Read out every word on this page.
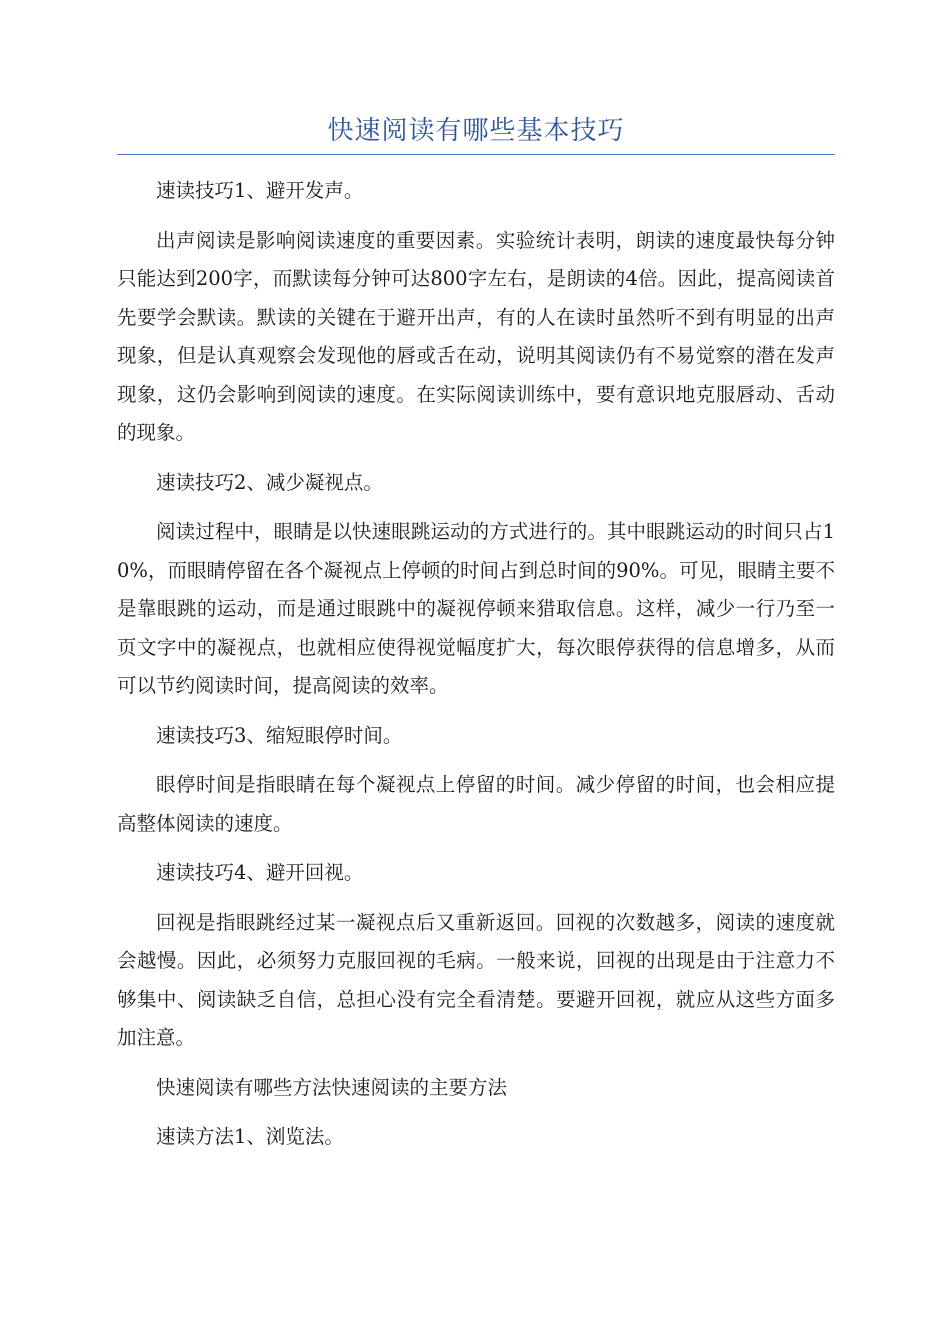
快速阅读有哪些基本技巧

速读技巧1、避开发声。

出声阅读是影响阅读速度的重要因素。实验统计表明，朗读的速度最快每分钟只能达到200字，而默读每分钟可达800字左右，是朗读的4倍。因此，提高阅读首先要学会默读。默读的关键在于避开出声，有的人在读时虽然听不到有明显的出声现象，但是认真观察会发现他的唇或舌在动，说明其阅读仍有不易觉察的潜在发声现象，这仍会影响到阅读的速度。在实际阅读训练中，要有意识地克服唇动、舌动的现象。

速读技巧2、减少凝视点。

阅读过程中，眼睛是以快速眼跳运动的方式进行的。其中眼跳运动的时间只占10%，而眼睛停留在各个凝视点上停顿的时间占到总时间的90%。可见，眼睛主要不是靠眼跳的运动，而是通过眼跳中的凝视停顿来猎取信息。这样，减少一行乃至一页文字中的凝视点，也就相应使得视觉幅度扩大，每次眼停获得的信息增多，从而可以节约阅读时间，提高阅读的效率。

速读技巧3、缩短眼停时间。

眼停时间是指眼睛在每个凝视点上停留的时间。减少停留的时间，也会相应提高整体阅读的速度。

速读技巧4、避开回视。

回视是指眼跳经过某一凝视点后又重新返回。回视的次数越多，阅读的速度就会越慢。因此，必须努力克服回视的毛病。一般来说，回视的出现是由于注意力不够集中、阅读缺乏自信，总担心没有完全看清楚。要避开回视，就应从这些方面多加注意。

快速阅读有哪些方法快速阅读的主要方法

速读方法1、浏览法。
